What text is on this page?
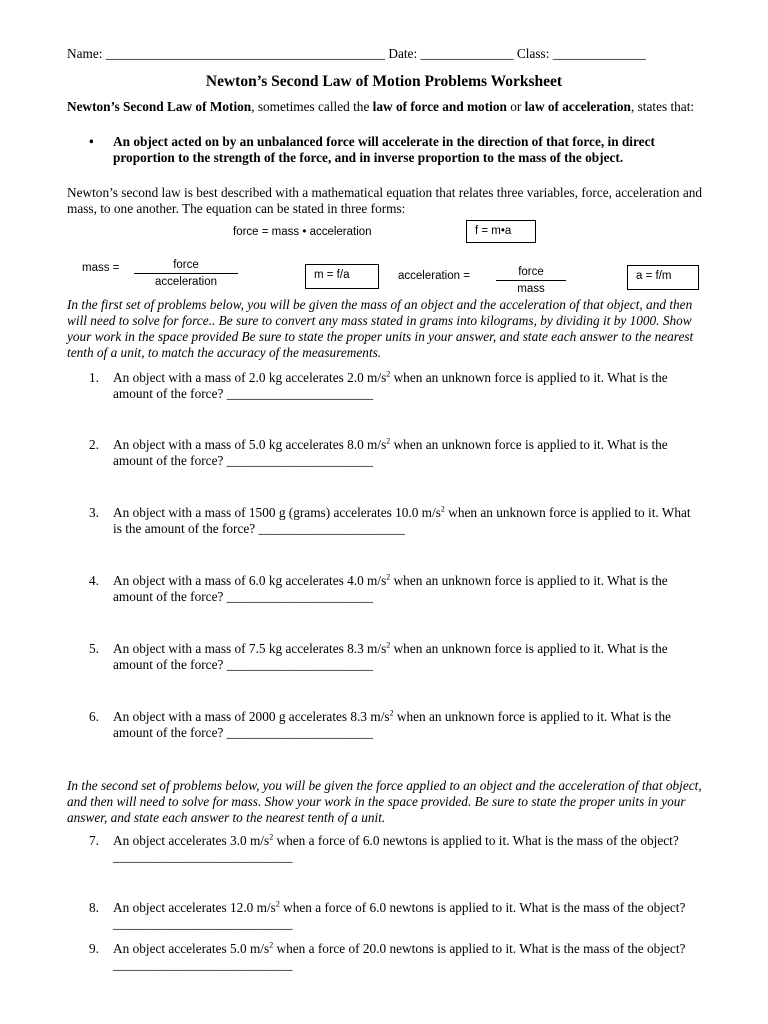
Name: __________________________________________ Date: ______________ Class: ______________
Newton’s Second Law of Motion Problems Worksheet

Newton’s Second Law of Motion, sometimes called the law of force and motion or law of acceleration, states that:

• An object acted on by an unbalanced force will accelerate in the direction of that force, in direct proportion to the strength of the force, and in inverse proportion to the mass of the object.
Newton’s second law is best described with a mathematical equation that relates three variables, force, acceleration and mass, to one another. The equation can be stated in three forms:
force = mass • acceleration	f = m•a
mass =	force
acceleration
m = f/a	acceleration =	force
mass
a = f/m
In the first set of problems below, you will be given the mass of an object and the acceleration of that object, and then will need to solve for force.. Be sure to convert any mass stated in grams into kilograms, by dividing it by 1000. Show your work in the space provided Be sure to state the proper units in your answer, and state each answer to the nearest tenth of a unit, to match the accuracy of the measurements.
1.	An object with a mass of 2.0 kg accelerates 2.0 $m/s^2$ when an unknown force is applied to it. What is the amount of the force? ______________________
2.	An object with a mass of 5.0 kg accelerates 8.0 $m/s^2$ when an unknown force is applied to it. What is the amount of the force? ______________________
3.	An object with a mass of 1500 g (grams) accelerates 10.0 $m/s^2$ when an unknown force is applied to it. What is the amount of the force? ______________________
4.	An object with a mass of 6.0 kg accelerates 4.0 $m/s^2$ when an unknown force is applied to it. What is the amount of the force? ______________________
5.	An object with a mass of 7.5 kg accelerates 8.3 $m/s^2$ when an unknown force is applied to it. What is the amount of the force? ______________________
6.	An object with a mass of 2000 g accelerates 8.3 $m/s^2$ when an unknown force is applied to it. What is the amount of the force? ______________________
In the second set of problems below, you will be given the force applied to an object and the acceleration of that object, and then will need to solve for mass. Show your work in the space provided. Be sure to state the proper units in your answer, and state each answer to the nearest tenth of a unit.
7.	An object accelerates 3.0 $m/s^2$ when a force of 6.0 newtons is applied to it. What is the mass of the object? ___________________________
8.	An object accelerates 12.0 $m/s^2$ when a force of 6.0 newtons is applied to it. What is the mass of the object? ___________________________
9.	An object accelerates 5.0 $m/s^2$ when a force of 20.0 newtons is applied to it. What is the mass of the object? ___________________________
